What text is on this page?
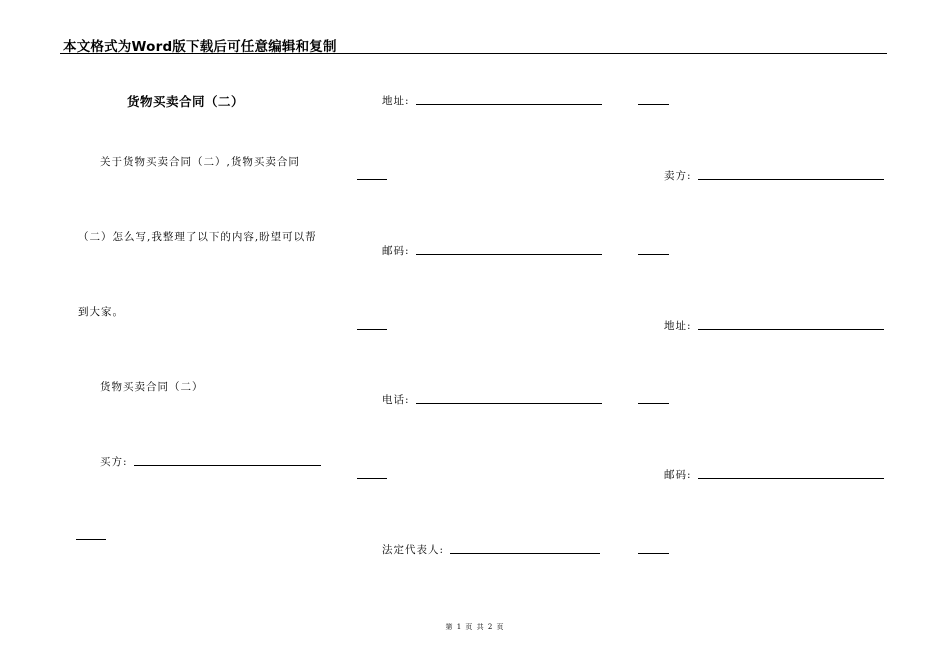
本文格式为Word版下载后可任意编辑和复制
货物买卖合同（二）
关于货物买卖合同（二）,货物买卖合同
（二）怎么写,我整理了以下的内容,盼望可以帮
到大家。
货物买卖合同（二）
买方:
地址:
邮码:
电话:
法定代表人:
卖方:
地址:
邮码:
第 1 页 共 2 页
